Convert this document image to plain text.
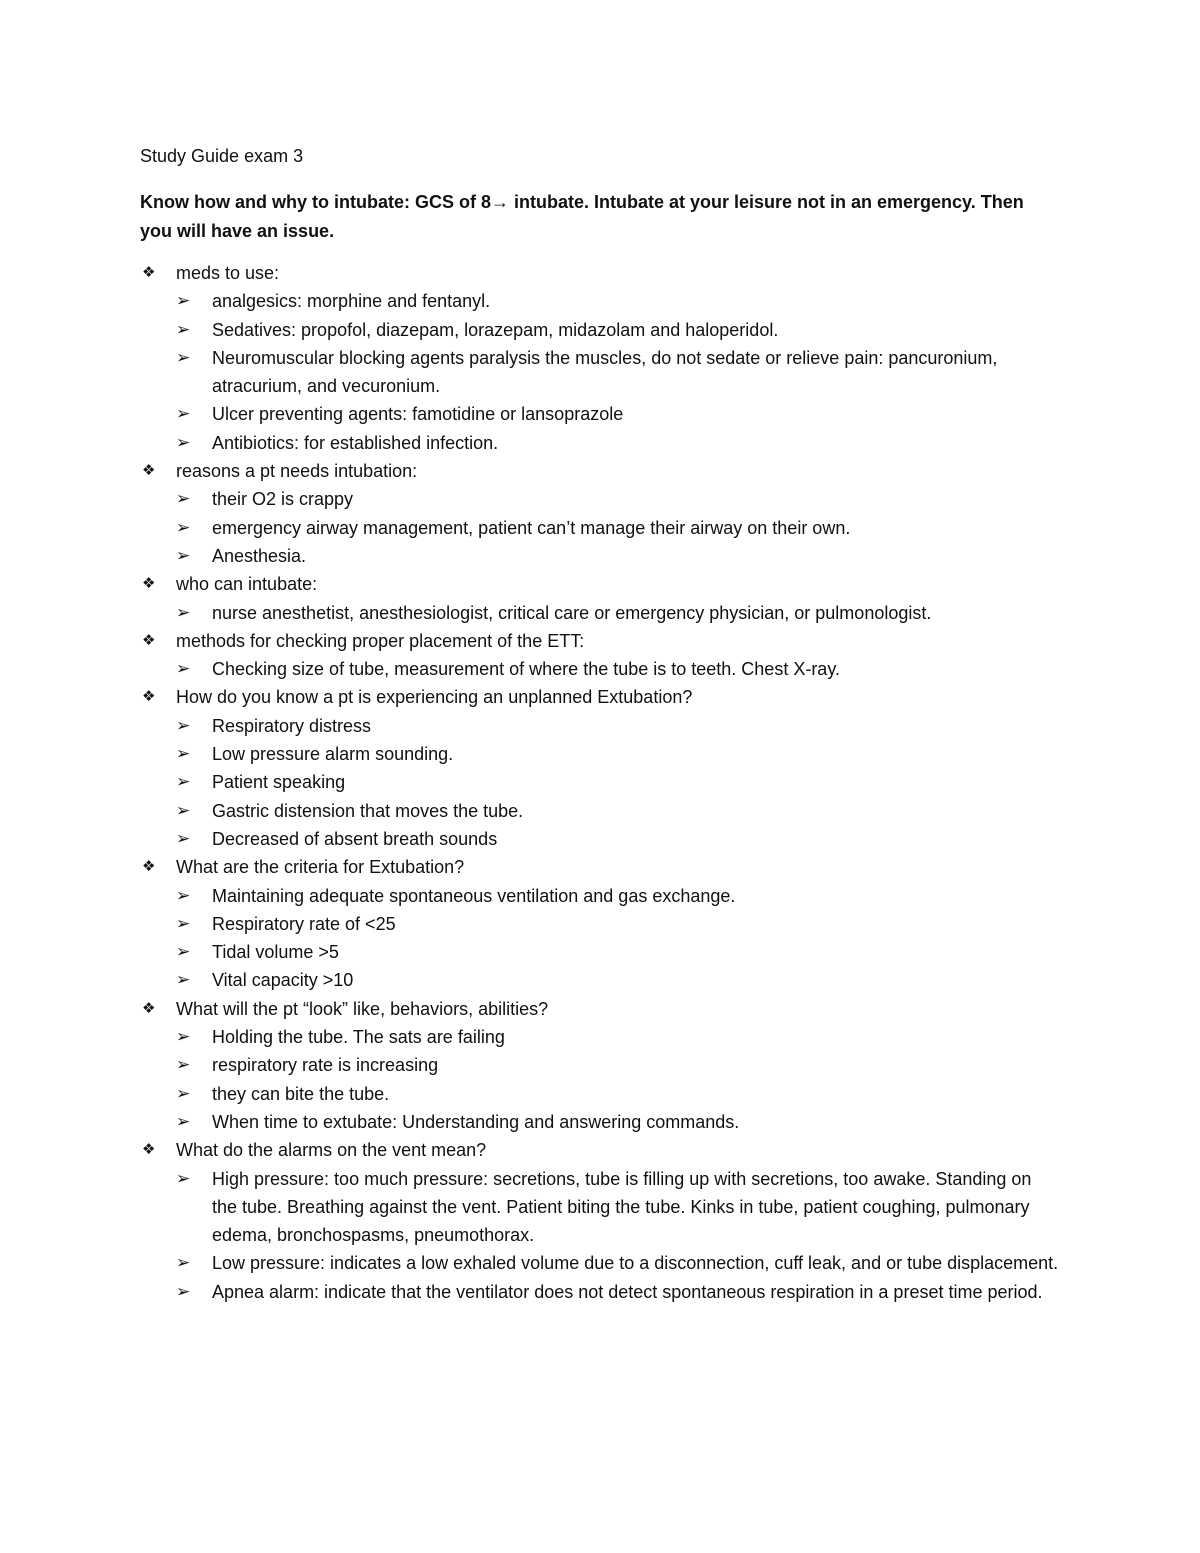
Study Guide exam 3

Know how and why to intubate: GCS of 8→ intubate. Intubate at your leisure not in an emergency. Then you will have an issue.

❖ meds to use:
➢ analgesics: morphine and fentanyl.
➢ Sedatives: propofol, diazepam, lorazepam, midazolam and haloperidol.
➢ Neuromuscular blocking agents paralysis the muscles, do not sedate or relieve pain: pancuronium, atracurium, and vecuronium.
➢ Ulcer preventing agents: famotidine or lansoprazole
➢ Antibiotics: for established infection.
❖ reasons a pt needs intubation:
➢ their O2 is crappy
➢ emergency airway management, patient can’t manage their airway on their own.
➢ Anesthesia.
❖ who can intubate:
➢ nurse anesthetist, anesthesiologist, critical care or emergency physician, or pulmonologist.
❖ methods for checking proper placement of the ETT:
➢ Checking size of tube, measurement of where the tube is to teeth. Chest X-ray.
❖ How do you know a pt is experiencing an unplanned Extubation?
➢ Respiratory distress
➢ Low pressure alarm sounding.
➢ Patient speaking
➢ Gastric distension that moves the tube.
➢ Decreased of absent breath sounds
❖ What are the criteria for Extubation?
➢ Maintaining adequate spontaneous ventilation and gas exchange.
➢ Respiratory rate of <25
➢ Tidal volume >5
➢ Vital capacity >10
❖ What will the pt “look” like, behaviors, abilities?
➢ Holding the tube. The sats are failing
➢ respiratory rate is increasing
➢ they can bite the tube.
➢ When time to extubate: Understanding and answering commands.
❖ What do the alarms on the vent mean?
➢ High pressure: too much pressure: secretions, tube is filling up with secretions, too awake. Standing on the tube. Breathing against the vent. Patient biting the tube. Kinks in tube, patient coughing, pulmonary edema, bronchospasms, pneumothorax.
➢ Low pressure: indicates a low exhaled volume due to a disconnection, cuff leak, and or tube displacement.
➢ Apnea alarm: indicate that the ventilator does not detect spontaneous respiration in a preset time period.
